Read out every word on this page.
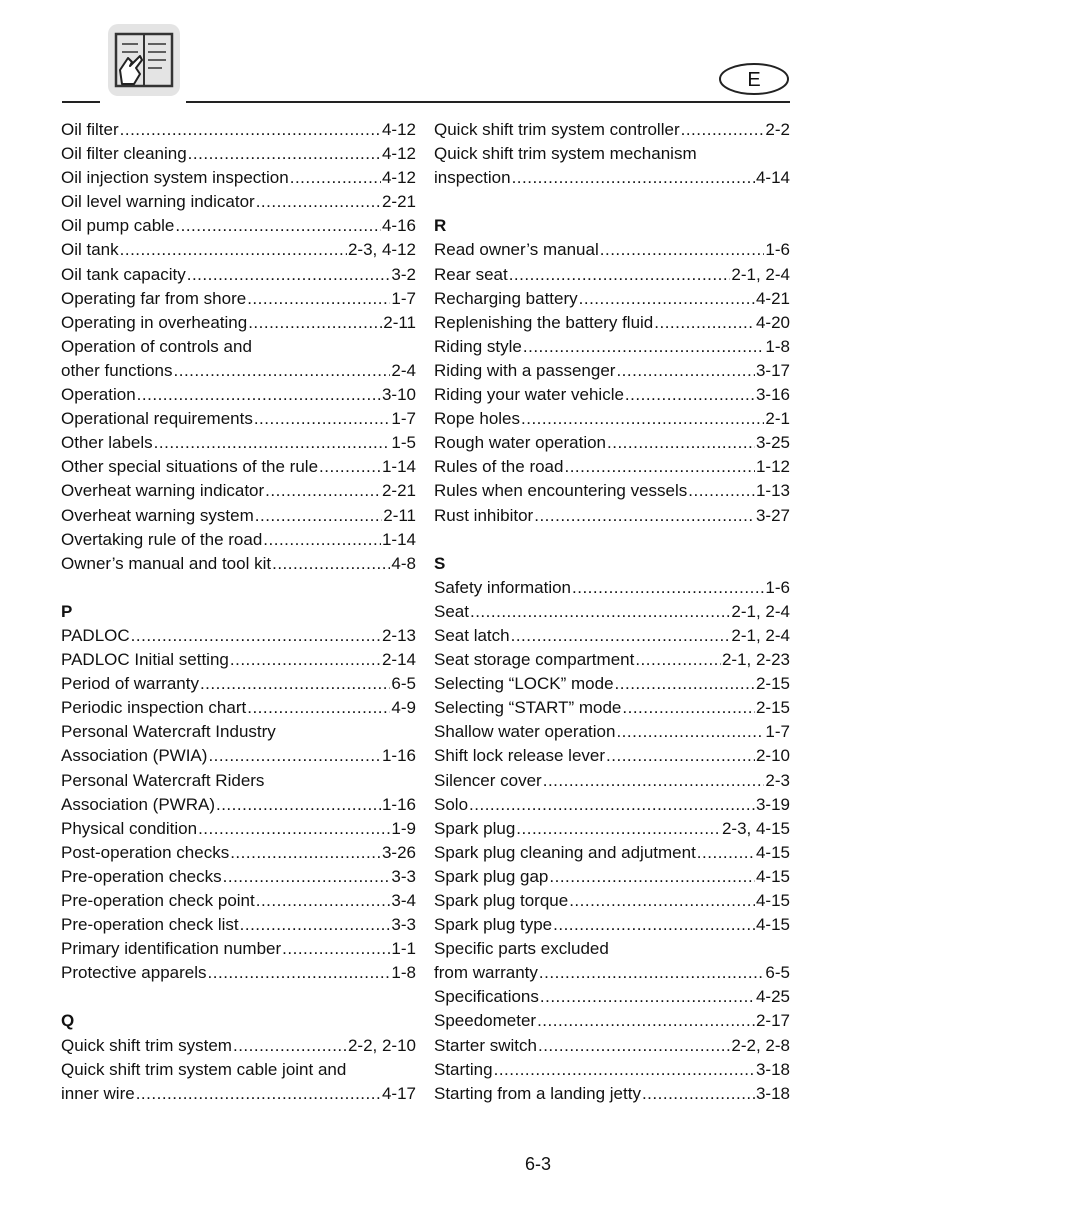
E
Oil filter .....	4-12
Oil filter cleaning .....	4-12
Oil injection system inspection .....	4-12
Oil level warning indicator .....	2-21
Oil pump cable .....	4-16
Oil tank .....	2-3, 4-12
Oil tank capacity .....	3-2
Operating far from shore .....	1-7
Operating in overheating .....	2-11
Operation of controls and
other functions .....	2-4
Operation .....	3-10
Operational requirements .....	1-7
Other labels .....	1-5
Other special situations of the rule .....	1-14
Overheat warning indicator .....	2-21
Overheat warning system .....	2-11
Overtaking rule of the road .....	1-14
Owner’s manual and tool kit .....	4-8
P
PADLOC .....	2-13
PADLOC Initial setting .....	2-14
Period of warranty .....	6-5
Periodic inspection chart .....	4-9
Personal Watercraft Industry
Association (PWIA) .....	1-16
Personal Watercraft Riders
Association (PWRA) .....	1-16
Physical condition .....	1-9
Post-operation checks .....	3-26
Pre-operation checks .....	3-3
Pre-operation check point .....	3-4
Pre-operation check list .....	3-3
Primary identification number .....	1-1
Protective apparels .....	1-8
Q
Quick shift trim system .....	2-2, 2-10
Quick shift trim system cable joint and
inner wire .....	4-17
Quick shift trim system controller .....	2-2
Quick shift trim system mechanism
inspection .....	4-14
R
Read owner’s manual .....	1-6
Rear seat .....	2-1, 2-4
Recharging battery .....	4-21
Replenishing the battery fluid .....	4-20
Riding style .....	1-8
Riding with a passenger .....	3-17
Riding your water vehicle .....	3-16
Rope holes .....	2-1
Rough water operation .....	3-25
Rules of the road .....	1-12
Rules when encountering vessels .....	1-13
Rust inhibitor .....	3-27
S
Safety information .....	1-6
Seat .....	2-1, 2-4
Seat latch .....	2-1, 2-4
Seat storage compartment .....	2-1, 2-23
Selecting “LOCK” mode .....	2-15
Selecting “START” mode .....	2-15
Shallow water operation .....	1-7
Shift lock release lever .....	2-10
Silencer cover .....	2-3
Solo .....	3-19
Spark plug .....	2-3, 4-15
Spark plug cleaning and adjutment .....	4-15
Spark plug gap .....	4-15
Spark plug torque .....	4-15
Spark plug type .....	4-15
Specific parts excluded
from warranty .....	6-5
Specifications .....	4-25
Speedometer .....	2-17
Starter switch .....	2-2, 2-8
Starting .....	3-18
Starting from a landing jetty .....	3-18
6-3
